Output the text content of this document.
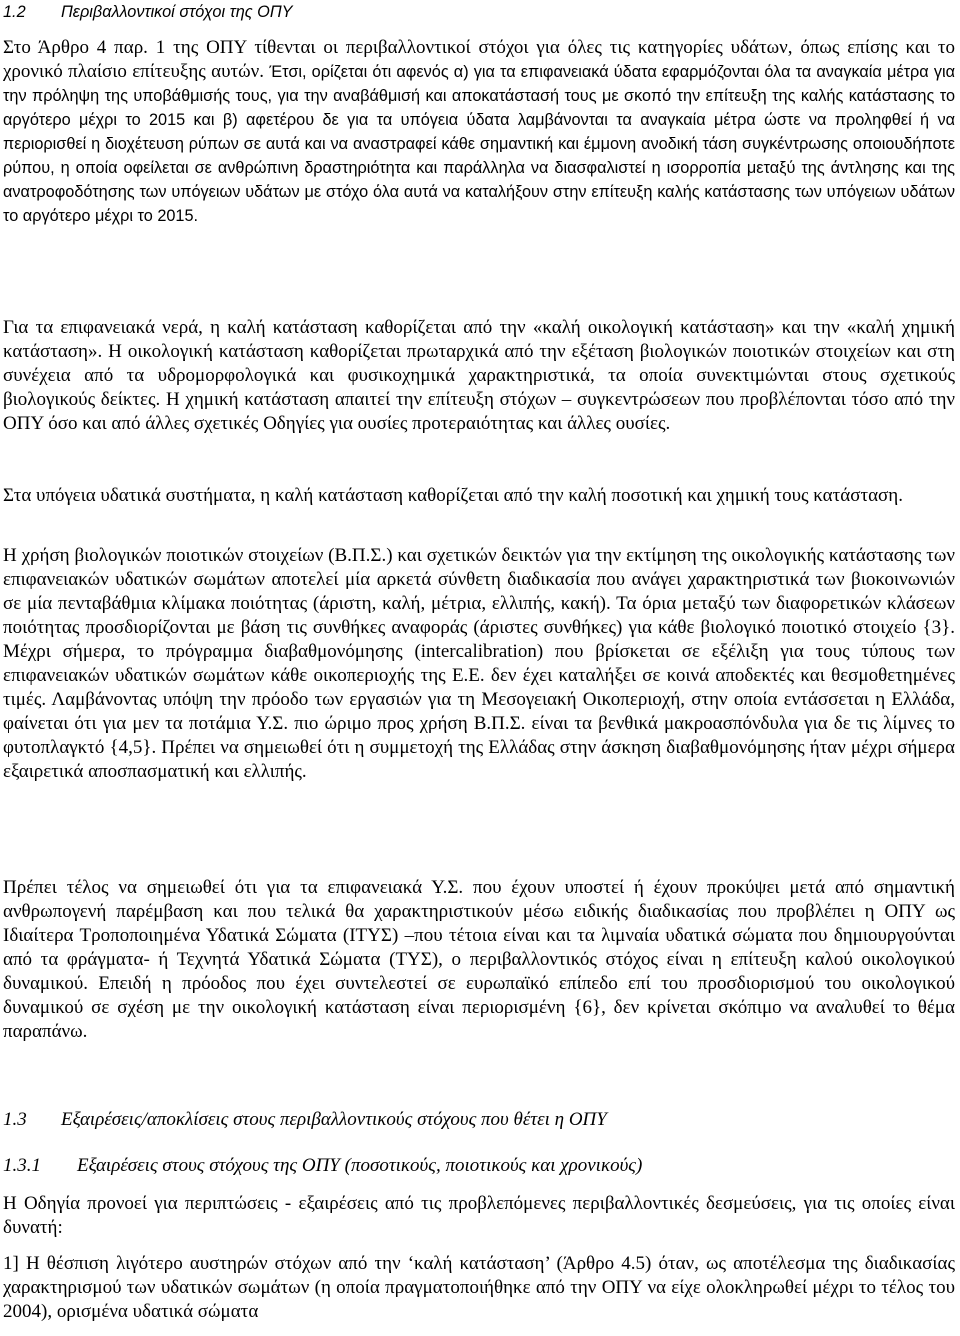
1.2 Περιβαλλοντικοί στόχοι της ΟΠΥ

Στο Άρθρο 4 παρ. 1 της ΟΠΥ τίθενται οι περιβαλλοντικοί στόχοι για όλες τις κατηγορίες υδάτων, όπως επίσης και το χρονικό πλαίσιο επίτευξης αυτών. Έτσι, ορίζεται ότι αφενός α) για τα επιφανειακά ύδατα εφαρμόζονται όλα τα αναγκαία μέτρα για την πρόληψη της υποβάθμισής τους, για την αναβάθμισή και αποκατάστασή τους με σκοπό την επίτευξη της καλής κατάστασης το αργότερο μέχρι το 2015 και β) αφετέρου δε για τα υπόγεια ύδατα λαμβάνονται τα αναγκαία μέτρα ώστε να προληφθεί ή να περιορισθεί η διοχέτευση ρύπων σε αυτά και να αναστραφεί κάθε σημαντική και έμμονη ανοδική τάση συγκέντρωσης οποιουδήποτε ρύπου, η οποία οφείλεται σε ανθρώπινη δραστηριότητα και παράλληλα να διασφαλιστεί η ισορροπία μεταξύ της άντλησης και της ανατροφοδότησης των υπόγειων υδάτων με στόχο όλα αυτά να καταλήξουν στην επίτευξη καλής κατάστασης των υπόγειων υδάτων το αργότερο μέχρι το 2015.

Για τα επιφανειακά νερά, η καλή κατάσταση καθορίζεται από την «καλή οικολογική κατάσταση» και την «καλή χημική κατάσταση». Η οικολογική κατάσταση καθορίζεται πρωταρχικά από την εξέταση βιολογικών ποιοτικών στοιχείων και στη συνέχεια από τα υδρομορφολογικά και φυσικοχημικά χαρακτηριστικά, τα οποία συνεκτιμώνται στους σχετικούς βιολογικούς δείκτες. Η χημική κατάσταση απαιτεί την επίτευξη στόχων – συγκεντρώσεων που προβλέπονται τόσο από την ΟΠΥ όσο και από άλλες σχετικές Οδηγίες για ουσίες προτεραιότητας και άλλες ουσίες.

Στα υπόγεια υδατικά συστήματα, η καλή κατάσταση καθορίζεται από την καλή ποσοτική και χημική τους κατάσταση.

Η χρήση βιολογικών ποιοτικών στοιχείων (Β.Π.Σ.) και σχετικών δεικτών για την εκτίμηση της οικολογικής κατάστασης των επιφανειακών υδατικών σωμάτων αποτελεί μία αρκετά σύνθετη διαδικασία που ανάγει χαρακτηριστικά των βιοκοινωνιών σε μία πενταβάθμια κλίμακα ποιότητας (άριστη, καλή, μέτρια, ελλιπής, κακή). Τα όρια μεταξύ των διαφορετικών κλάσεων ποιότητας προσδιορίζονται με βάση τις συνθήκες αναφοράς (άριστες συνθήκες) για κάθε βιολογικό ποιοτικό στοιχείο {3}. Μέχρι σήμερα, το πρόγραμμα διαβαθμονόμησης (intercalibration) που βρίσκεται σε εξέλιξη για τους τύπους των επιφανειακών υδατικών σωμάτων κάθε οικοπεριοχής της Ε.Ε. δεν έχει καταλήξει σε κοινά αποδεκτές και θεσμοθετημένες τιμές. Λαμβάνοντας υπόψη την πρόοδο των εργασιών για τη Μεσογειακή Οικοπεριοχή, στην οποία εντάσσεται η Ελλάδα, φαίνεται ότι για μεν τα ποτάμια Υ.Σ. πιο ώριμο προς χρήση Β.Π.Σ. είναι τα βενθικά μακροασπόνδυλα για δε τις λίμνες το φυτοπλαγκτό {4,5}. Πρέπει να σημειωθεί ότι η συμμετοχή της Ελλάδας στην άσκηση διαβαθμονόμησης ήταν μέχρι σήμερα εξαιρετικά αποσπασματική και ελλιπής.

Πρέπει τέλος να σημειωθεί ότι για τα επιφανειακά Υ.Σ. που έχουν υποστεί ή έχουν προκύψει μετά από σημαντική ανθρωπογενή παρέμβαση και που τελικά θα χαρακτηριστικούν μέσω ειδικής διαδικασίας που προβλέπει η ΟΠΥ ως Ιδιαίτερα Τροποποιημένα Υδατικά Σώματα (ΙΤΥΣ) –που τέτοια είναι και τα λιμναία υδατικά σώματα που δημιουργούνται από τα φράγματα- ή Τεχνητά Υδατικά Σώματα (ΤΥΣ), ο περιβαλλοντικός στόχος είναι η επίτευξη καλού οικολογικού δυναμικού. Επειδή η πρόοδος που έχει συντελεστεί σε ευρωπαϊκό επίπεδο επί του προσδιορισμού του οικολογικού δυναμικού σε σχέση με την οικολογική κατάσταση είναι περιορισμένη {6}, δεν κρίνεται σκόπιμο να αναλυθεί το θέμα παραπάνω.

1.3 Εξαιρέσεις/αποκλίσεις στους περιβαλλοντικούς στόχους που θέτει η ΟΠΥ
1.3.1 Εξαιρέσεις στους στόχους της ΟΠΥ (ποσοτικούς, ποιοτικούς και χρονικούς)

Η Οδηγία προνοεί για περιπτώσεις - εξαιρέσεις από τις προβλεπόμενες περιβαλλοντικές δεσμεύσεις, για τις οποίες είναι δυνατή:

1] Η θέσπιση λιγότερο αυστηρών στόχων από την ‘καλή κατάσταση’ (Άρθρο 4.5) όταν, ως αποτέλεσμα της διαδικασίας χαρακτηρισμού των υδατικών σωμάτων (η οποία πραγματοποιήθηκε από την ΟΠΥ να είχε ολοκληρωθεί μέχρι το τέλος του 2004), ορισμένα υδατικά σώματα
